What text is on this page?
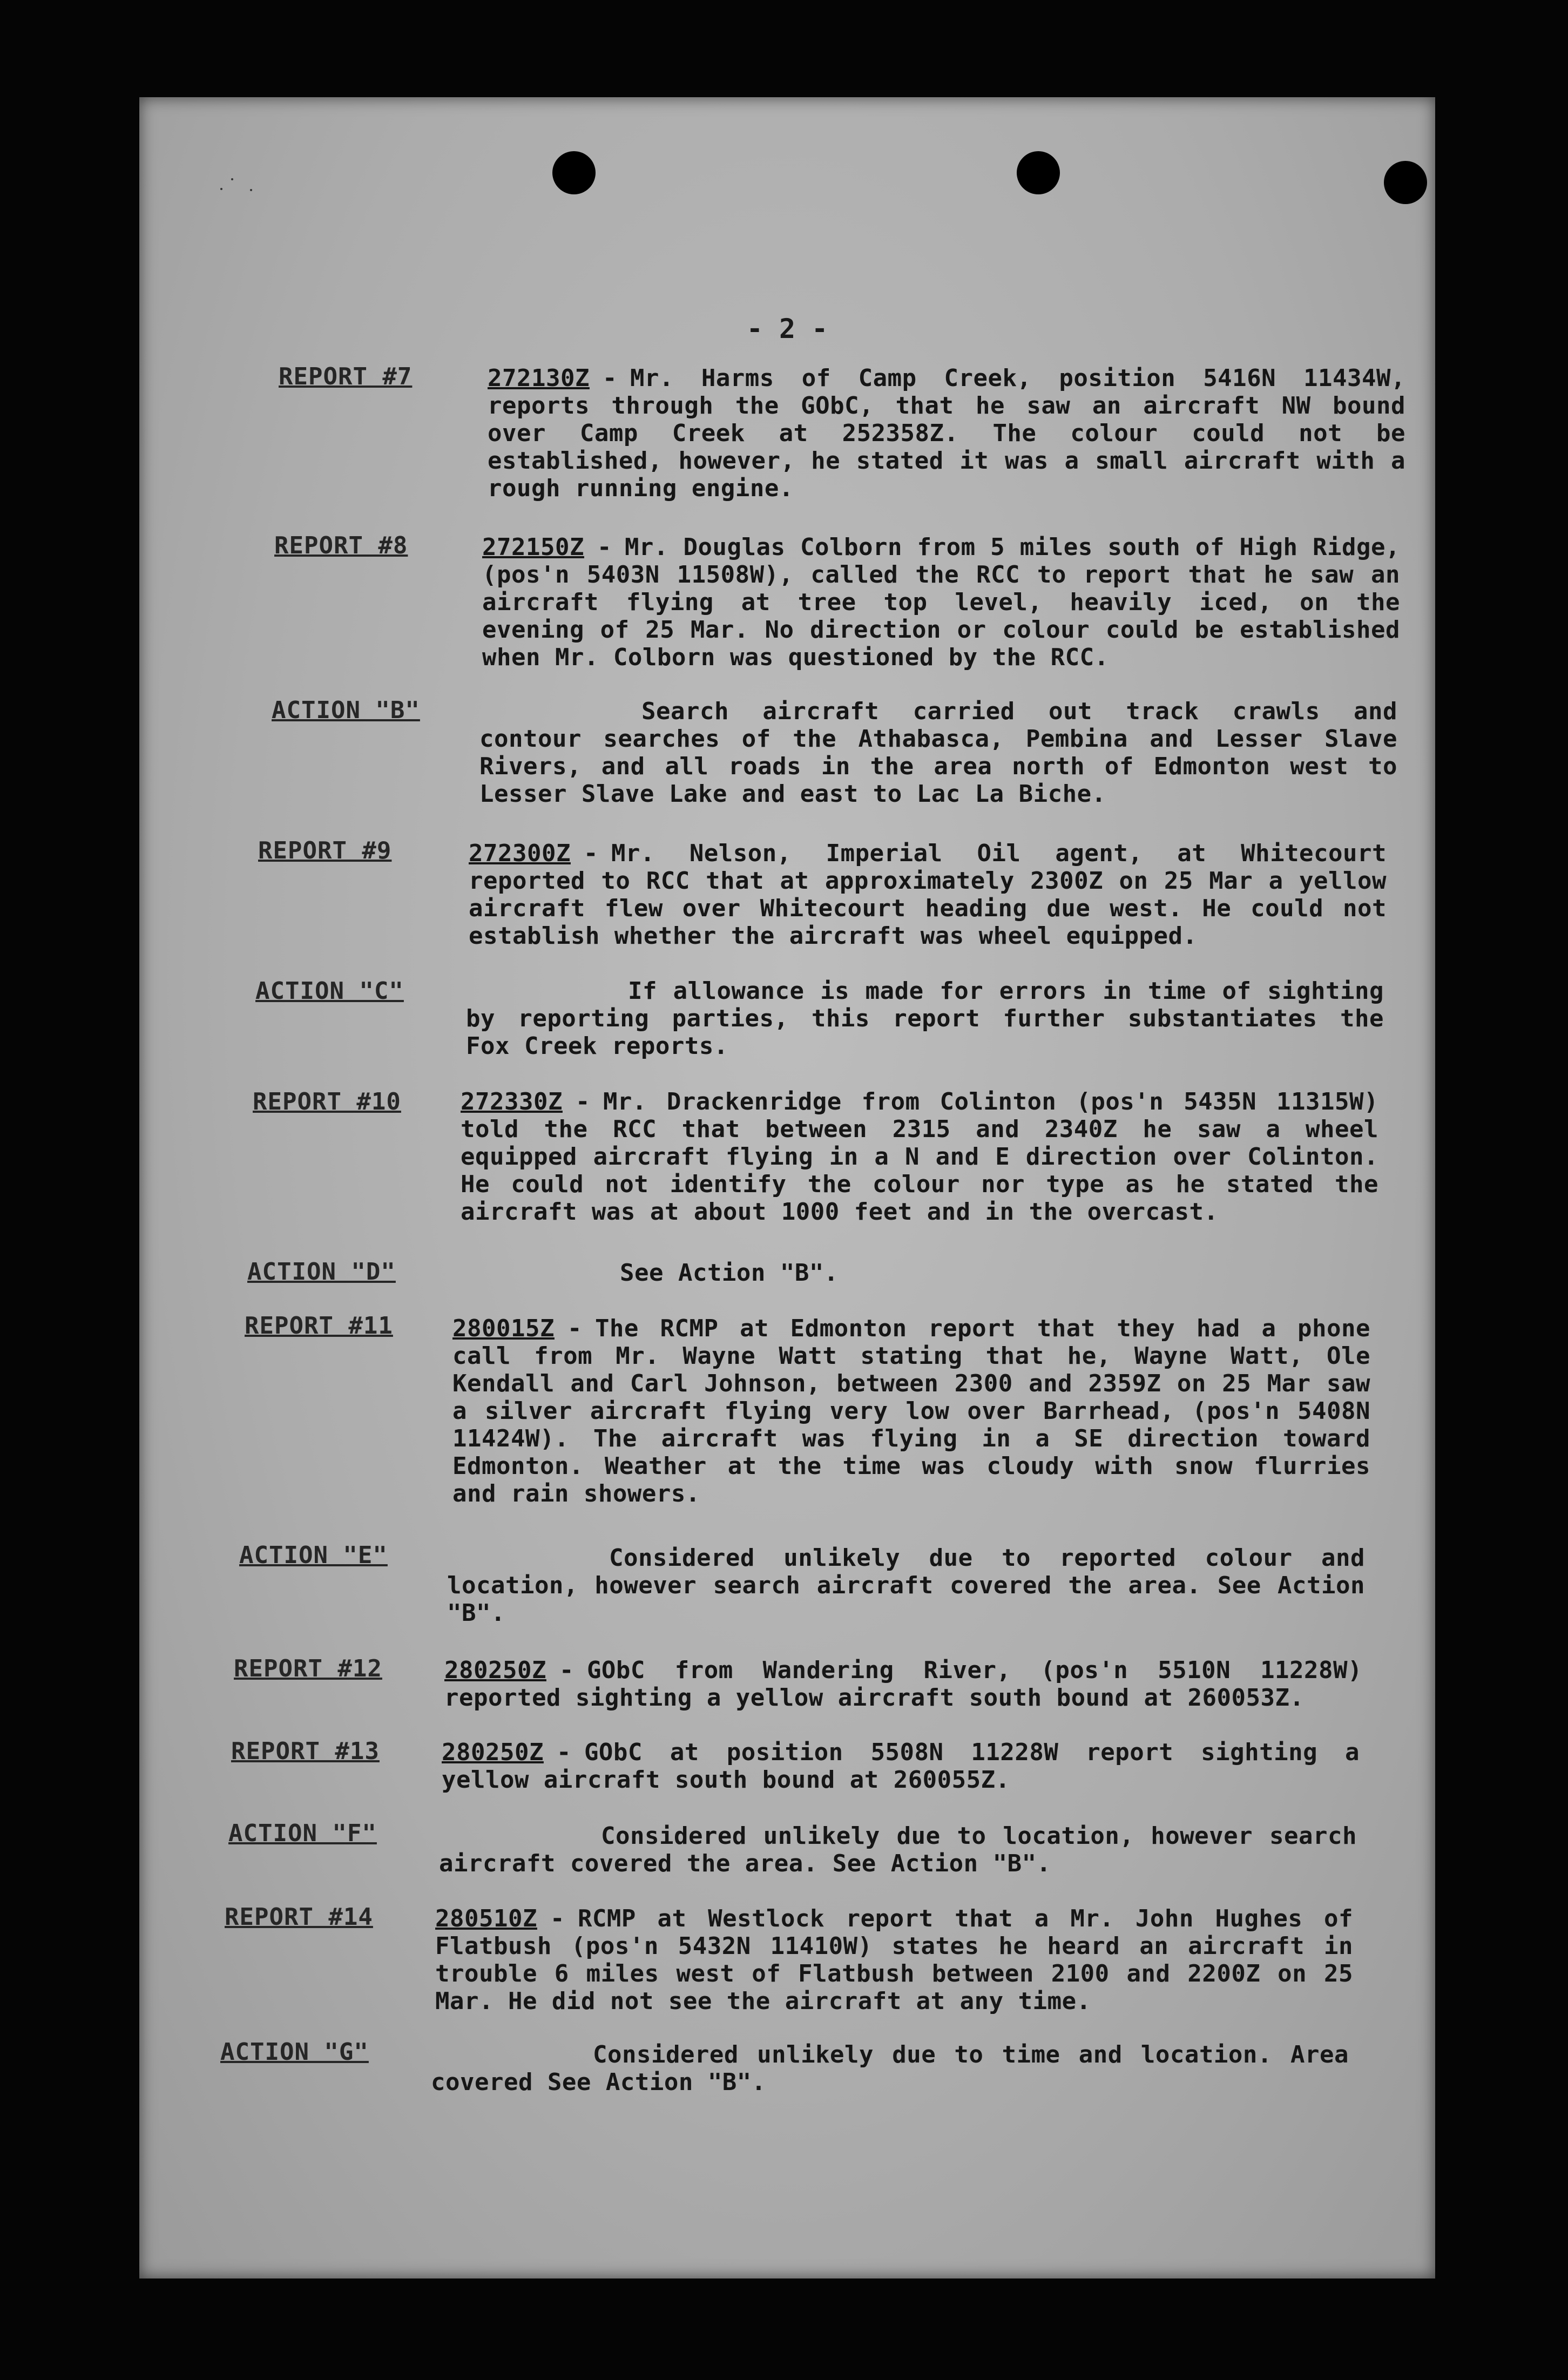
- 2 -
REPORT #7	272130Z - Mr. Harms of Camp Creek, position 5416N 11434W, reports through the GObC, that he saw an aircraft NW bound over Camp Creek at 252358Z. The colour could not be established, however, he stated it was a small aircraft with a rough running engine.
REPORT #8	272150Z - Mr. Douglas Colborn from 5 miles south of High Ridge, (pos'n 5403N 11508W), called the RCC to report that he saw an aircraft flying at tree top level, heavily iced, on the evening of 25 Mar. No direction or colour could be established when Mr. Colborn was questioned by the RCC.
ACTION "B"	Search aircraft carried out track crawls and contour searches of the Athabasca, Pembina and Lesser Slave Rivers, and all roads in the area north of Edmonton west to Lesser Slave Lake and east to Lac La Biche.
REPORT #9	272300Z - Mr. Nelson, Imperial Oil agent, at Whitecourt reported to RCC that at approximately 2300Z on 25 Mar a yellow aircraft flew over Whitecourt heading due west. He could not establish whether the aircraft was wheel equipped.
ACTION "C"	If allowance is made for errors in time of sighting by reporting parties, this report further substantiates the Fox Creek reports.
REPORT #10	272330Z - Mr. Drackenridge from Colinton (pos'n 5435N 11315W) told the RCC that between 2315 and 2340Z he saw a wheel equipped aircraft flying in a N and E direction over Colinton. He could not identify the colour nor type as he stated the aircraft was at about 1000 feet and in the overcast.
ACTION "D"	See Action "B".
REPORT #11	280015Z - The RCMP at Edmonton report that they had a phone call from Mr. Wayne Watt stating that he, Wayne Watt, Ole Kendall and Carl Johnson, between 2300 and 2359Z on 25 Mar saw a silver aircraft flying very low over Barrhead, (pos'n 5408N 11424W). The aircraft was flying in a SE direction toward Edmonton. Weather at the time was cloudy with snow flurries and rain showers.
ACTION "E"	Considered unlikely due to reported colour and location, however search aircraft covered the area. See Action "B".
REPORT #12	280250Z - GObC from Wandering River, (pos'n 5510N 11228W) reported sighting a yellow aircraft south bound at 260053Z.
REPORT #13	280250Z - GObC at position 5508N 11228W report sighting a yellow aircraft south bound at 260055Z.
ACTION "F"	Considered unlikely due to location, however search aircraft covered the area. See Action "B".
REPORT #14	280510Z - RCMP at Westlock report that a Mr. John Hughes of Flatbush (pos'n 5432N 11410W) states he heard an aircraft in trouble 6 miles west of Flatbush between 2100 and 2200Z on 25 Mar. He did not see the aircraft at any time.
ACTION "G"	Considered unlikely due to time and location. Area covered See Action "B".
